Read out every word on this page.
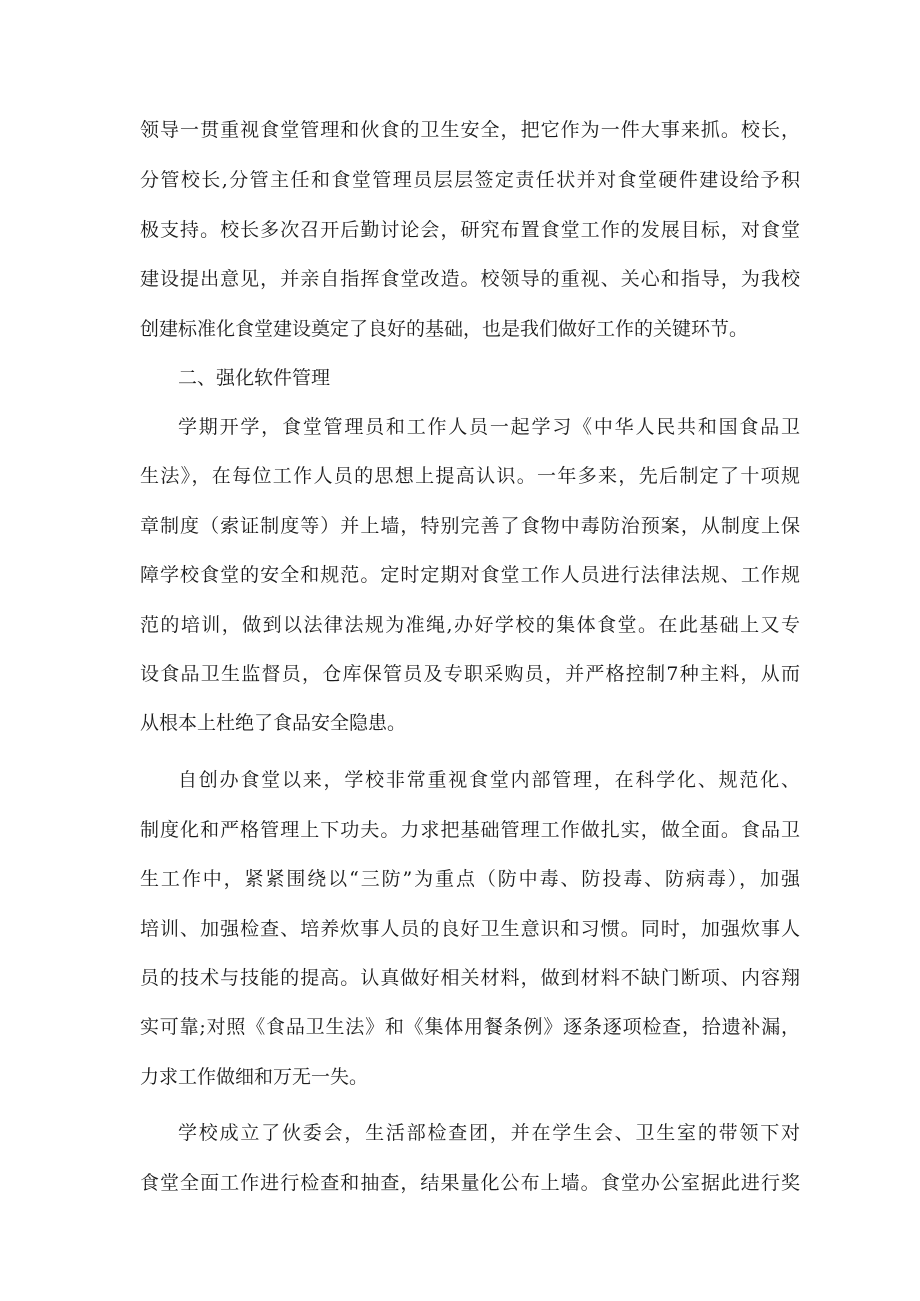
领导一贯重视食堂管理和伙食的卫生安全，把它作为一件大事来抓。校长，
分管校长,分管主任和食堂管理员层层签定责任状并对食堂硬件建设给予积
极支持。校长多次召开后勤讨论会，研究布置食堂工作的发展目标，对食堂
建设提出意见，并亲自指挥食堂改造。校领导的重视、关心和指导，为我校
创建标准化食堂建设奠定了良好的基础，也是我们做好工作的关键环节。
二、强化软件管理
学期开学，食堂管理员和工作人员一起学习《中华人民共和国食品卫
生法》，在每位工作人员的思想上提高认识。一年多来，先后制定了十项规
章制度（索证制度等）并上墙，特别完善了食物中毒防治预案，从制度上保
障学校食堂的安全和规范。定时定期对食堂工作人员进行法律法规、工作规
范的培训，做到以法律法规为准绳,办好学校的集体食堂。在此基础上又专
设食品卫生监督员，仓库保管员及专职采购员，并严格控制7种主料，从而
从根本上杜绝了食品安全隐患。
自创办食堂以来，学校非常重视食堂内部管理，在科学化、规范化、
制度化和严格管理上下功夫。力求把基础管理工作做扎实，做全面。食品卫
生工作中，紧紧围绕以“三防”为重点（防中毒、防投毒、防病毒），加强
培训、加强检查、培养炊事人员的良好卫生意识和习惯。同时，加强炊事人
员的技术与技能的提高。认真做好相关材料，做到材料不缺门断项、内容翔
实可靠;对照《食品卫生法》和《集体用餐条例》逐条逐项检查，拾遗补漏，
力求工作做细和万无一失。
学校成立了伙委会，生活部检查团，并在学生会、卫生室的带领下对
食堂全面工作进行检查和抽查，结果量化公布上墙。食堂办公室据此进行奖
